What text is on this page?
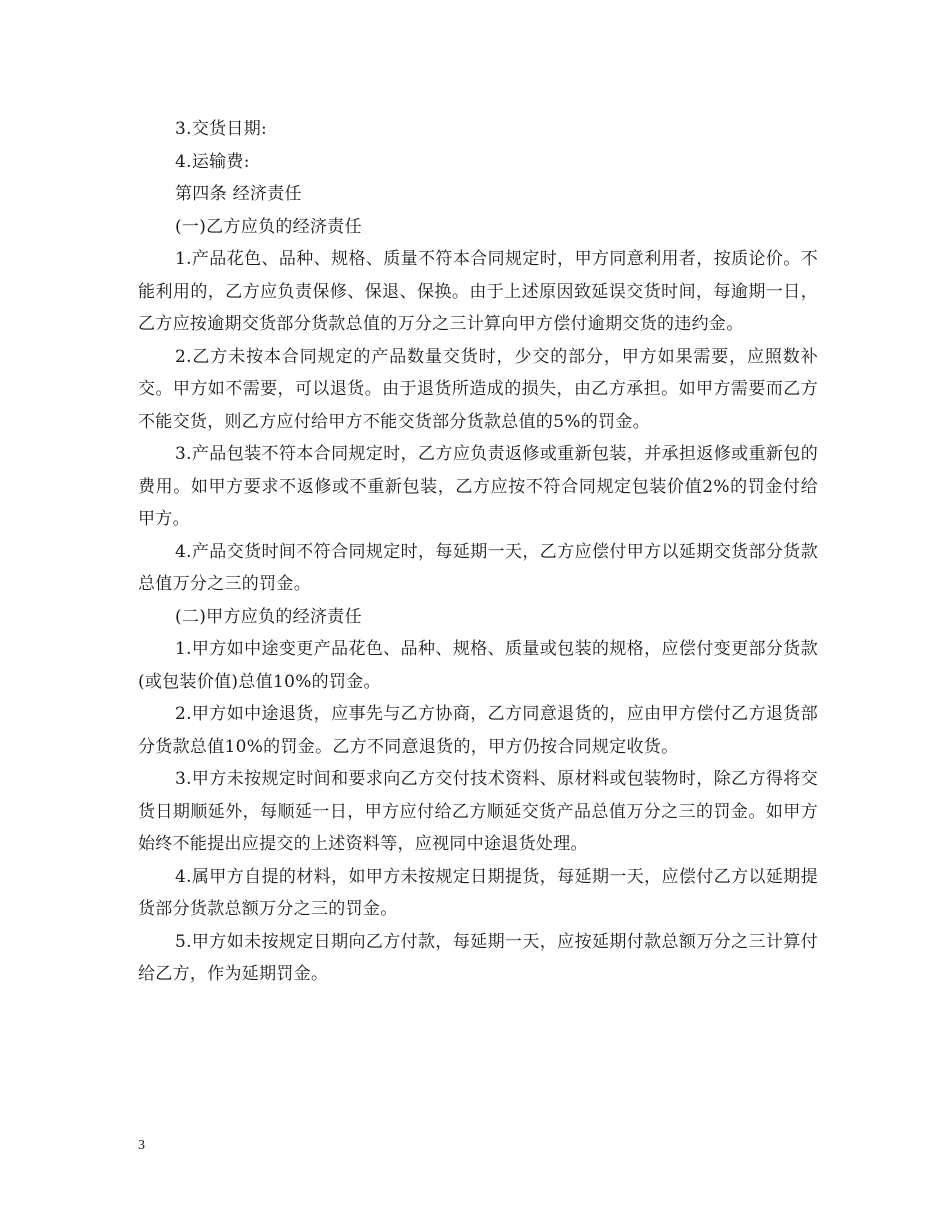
3.交货日期:

4.运输费:

第四条 经济责任

(一)乙方应负的经济责任

1.产品花色、品种、规格、质量不符本合同规定时，甲方同意利用者，按质论价。不能利用的，乙方应负责保修、保退、保换。由于上述原因致延误交货时间，每逾期一日，乙方应按逾期交货部分货款总值的万分之三计算向甲方偿付逾期交货的违约金。

2.乙方未按本合同规定的产品数量交货时，少交的部分，甲方如果需要，应照数补交。甲方如不需要，可以退货。由于退货所造成的损失，由乙方承担。如甲方需要而乙方不能交货，则乙方应付给甲方不能交货部分货款总值的5%的罚金。

3.产品包装不符本合同规定时，乙方应负责返修或重新包装，并承担返修或重新包的费用。如甲方要求不返修或不重新包装，乙方应按不符合同规定包装价值2%的罚金付给甲方。

4.产品交货时间不符合同规定时，每延期一天，乙方应偿付甲方以延期交货部分货款总值万分之三的罚金。

(二)甲方应负的经济责任

1.甲方如中途变更产品花色、品种、规格、质量或包装的规格，应偿付变更部分货款(或包装价值)总值10%的罚金。

2.甲方如中途退货，应事先与乙方协商，乙方同意退货的，应由甲方偿付乙方退货部分货款总值10%的罚金。乙方不同意退货的，甲方仍按合同规定收货。

3.甲方未按规定时间和要求向乙方交付技术资料、原材料或包装物时，除乙方得将交货日期顺延外，每顺延一日，甲方应付给乙方顺延交货产品总值万分之三的罚金。如甲方始终不能提出应提交的上述资料等，应视同中途退货处理。

4.属甲方自提的材料，如甲方未按规定日期提货，每延期一天，应偿付乙方以延期提货部分货款总额万分之三的罚金。

5.甲方如未按规定日期向乙方付款，每延期一天，应按延期付款总额万分之三计算付给乙方，作为延期罚金。

3
